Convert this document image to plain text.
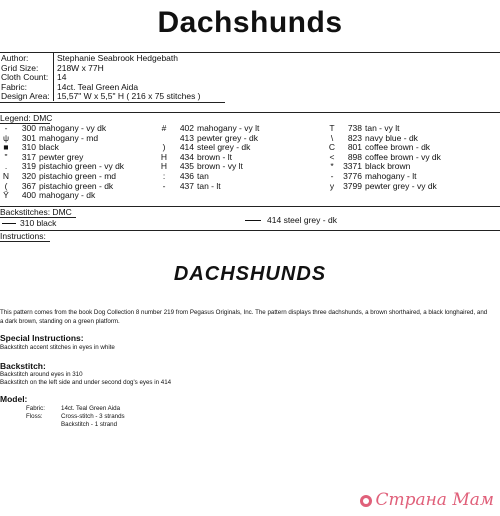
Dachshunds
Author:	Stephanie Seabrook Hedgebath
Grid Size: 218W x 77H
Cloth Count: 14
Fabric:	14ct. Teal Green Aida
Design Area: 15,57" W x 5,5" H ( 216 x 75 stitches )
Legend: DMC
- 300 mahogany - vy dk
ψ 301 mahogany - md
■ 310 black
" 317 pewter grey
. 319 pistachio green - vy dk
N 320 pistachio green - md
( 367 pistachio green - dk
Ÿ 400 mahogany - dk
# 402 mahogany - vy lt
413 pewter grey - dk
) 414 steel grey - dk
H 434 brown - lt
H 435 brown - vy lt
: 436 tan
- 437 tan - lt
T 738 tan - vy lt
\ 823 navy blue - dk
C 801 coffee brown - dk
< 898 coffee brown - vy dk
* 3371 black brown
- 3776 mahogany - lt
y 3799 pewter grey - vy dk
Backstitches: DMC
310 black	414 steel grey - dk
Instructions:
DACHSHUNDS
This pattern comes from the book Dog Collection 8 number 219 from Pegasus Originals, Inc. The pattern displays three dachshunds, a brown shorthaired, a black longhaired, and a dark brown, standing on a green platform.
Special Instructions:
Backstitch accent stitches in eyes in white
Backstitch:
Backstitch around eyes in 310
Backstitch on the left side and under second dog's eyes in 414
Model:
Fabric:	14ct. Teal Green Aida
Floss:	Cross-stitch - 3 strands
Backstitch - 1 strand
Страна Мам
